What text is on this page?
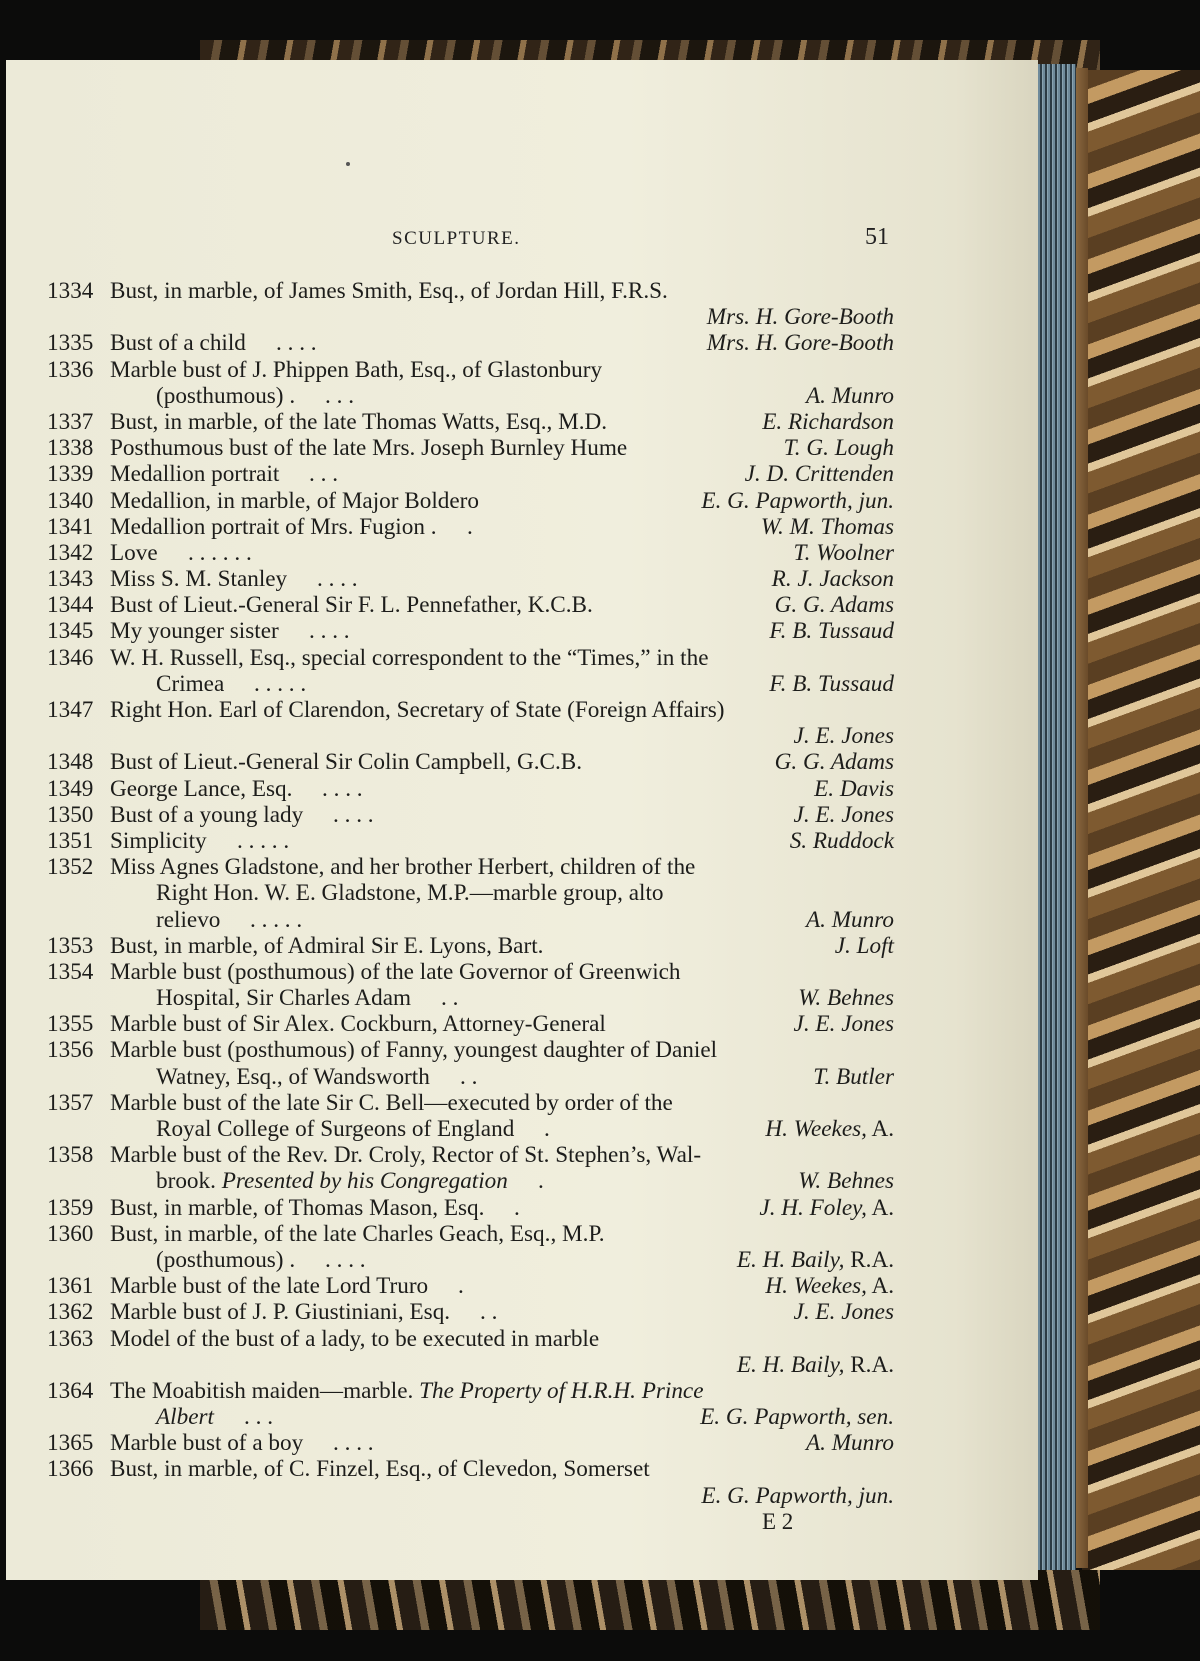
SCULPTURE.	51
1334 Bust, in marble, of James Smith, Esq., of Jordan Hill, F.R.S.
Mrs. H. Gore-Booth
1335 Bust of a child . . . .	Mrs. H. Gore-Booth
1336 Marble bust of J. Phippen Bath, Esq., of Glastonbury
(posthumous) . . . .	A. Munro
1337 Bust, in marble, of the late Thomas Watts, Esq., M.D.	E. Richardson
1338 Posthumous bust of the late Mrs. Joseph Burnley Hume	T. G. Lough
1339 Medallion portrait . . .	J. D. Crittenden
1340 Medallion, in marble, of Major Boldero	E. G. Papworth, jun.
1341 Medallion portrait of Mrs. Fugion . .	W. M. Thomas
1342 Love . . . . . .	T. Woolner
1343 Miss S. M. Stanley . . . .	R. J. Jackson
1344 Bust of Lieut.-General Sir F. L. Pennefather, K.C.B.	G. G. Adams
1345 My younger sister . . . .	F. B. Tussaud
1346 W. H. Russell, Esq., special correspondent to the “Times,” in the
Crimea . . . . .	F. B. Tussaud
1347 Right Hon. Earl of Clarendon, Secretary of State (Foreign Affairs)
J. E. Jones
1348 Bust of Lieut.-General Sir Colin Campbell, G.C.B.	G. G. Adams
1349 George Lance, Esq. . . . .	E. Davis
1350 Bust of a young lady . . . .	J. E. Jones
1351 Simplicity . . . . .	S. Ruddock
1352 Miss Agnes Gladstone, and her brother Herbert, children of the
Right Hon. W. E. Gladstone, M.P.—marble group, alto
relievo . . . . .	A. Munro
1353 Bust, in marble, of Admiral Sir E. Lyons, Bart.	J. Loft
1354 Marble bust (posthumous) of the late Governor of Greenwich
Hospital, Sir Charles Adam . .	W. Behnes
1355 Marble bust of Sir Alex. Cockburn, Attorney-General	J. E. Jones
1356 Marble bust (posthumous) of Fanny, youngest daughter of Daniel
Watney, Esq., of Wandsworth . .	T. Butler
1357 Marble bust of the late Sir C. Bell—executed by order of the
Royal College of Surgeons of England .	H. Weekes, A.
1358 Marble bust of the Rev. Dr. Croly, Rector of St. Stephen’s, Wal-
brook. Presented by his Congregation .	W. Behnes
1359 Bust, in marble, of Thomas Mason, Esq. .	J. H. Foley, A.
1360 Bust, in marble, of the late Charles Geach, Esq., M.P.
(posthumous) . . . . .	E. H. Baily, R.A.
1361 Marble bust of the late Lord Truro .	H. Weekes, A.
1362 Marble bust of J. P. Giustiniani, Esq. . .	J. E. Jones
1363 Model of the bust of a lady, to be executed in marble
E. H. Baily, R.A.
1364 The Moabitish maiden—marble. The Property of H.R.H. Prince
Albert . . .	E. G. Papworth, sen.
1365 Marble bust of a boy . . . .	A. Munro
1366 Bust, in marble, of C. Finzel, Esq., of Clevedon, Somerset
E. G. Papworth, jun.
E 2
